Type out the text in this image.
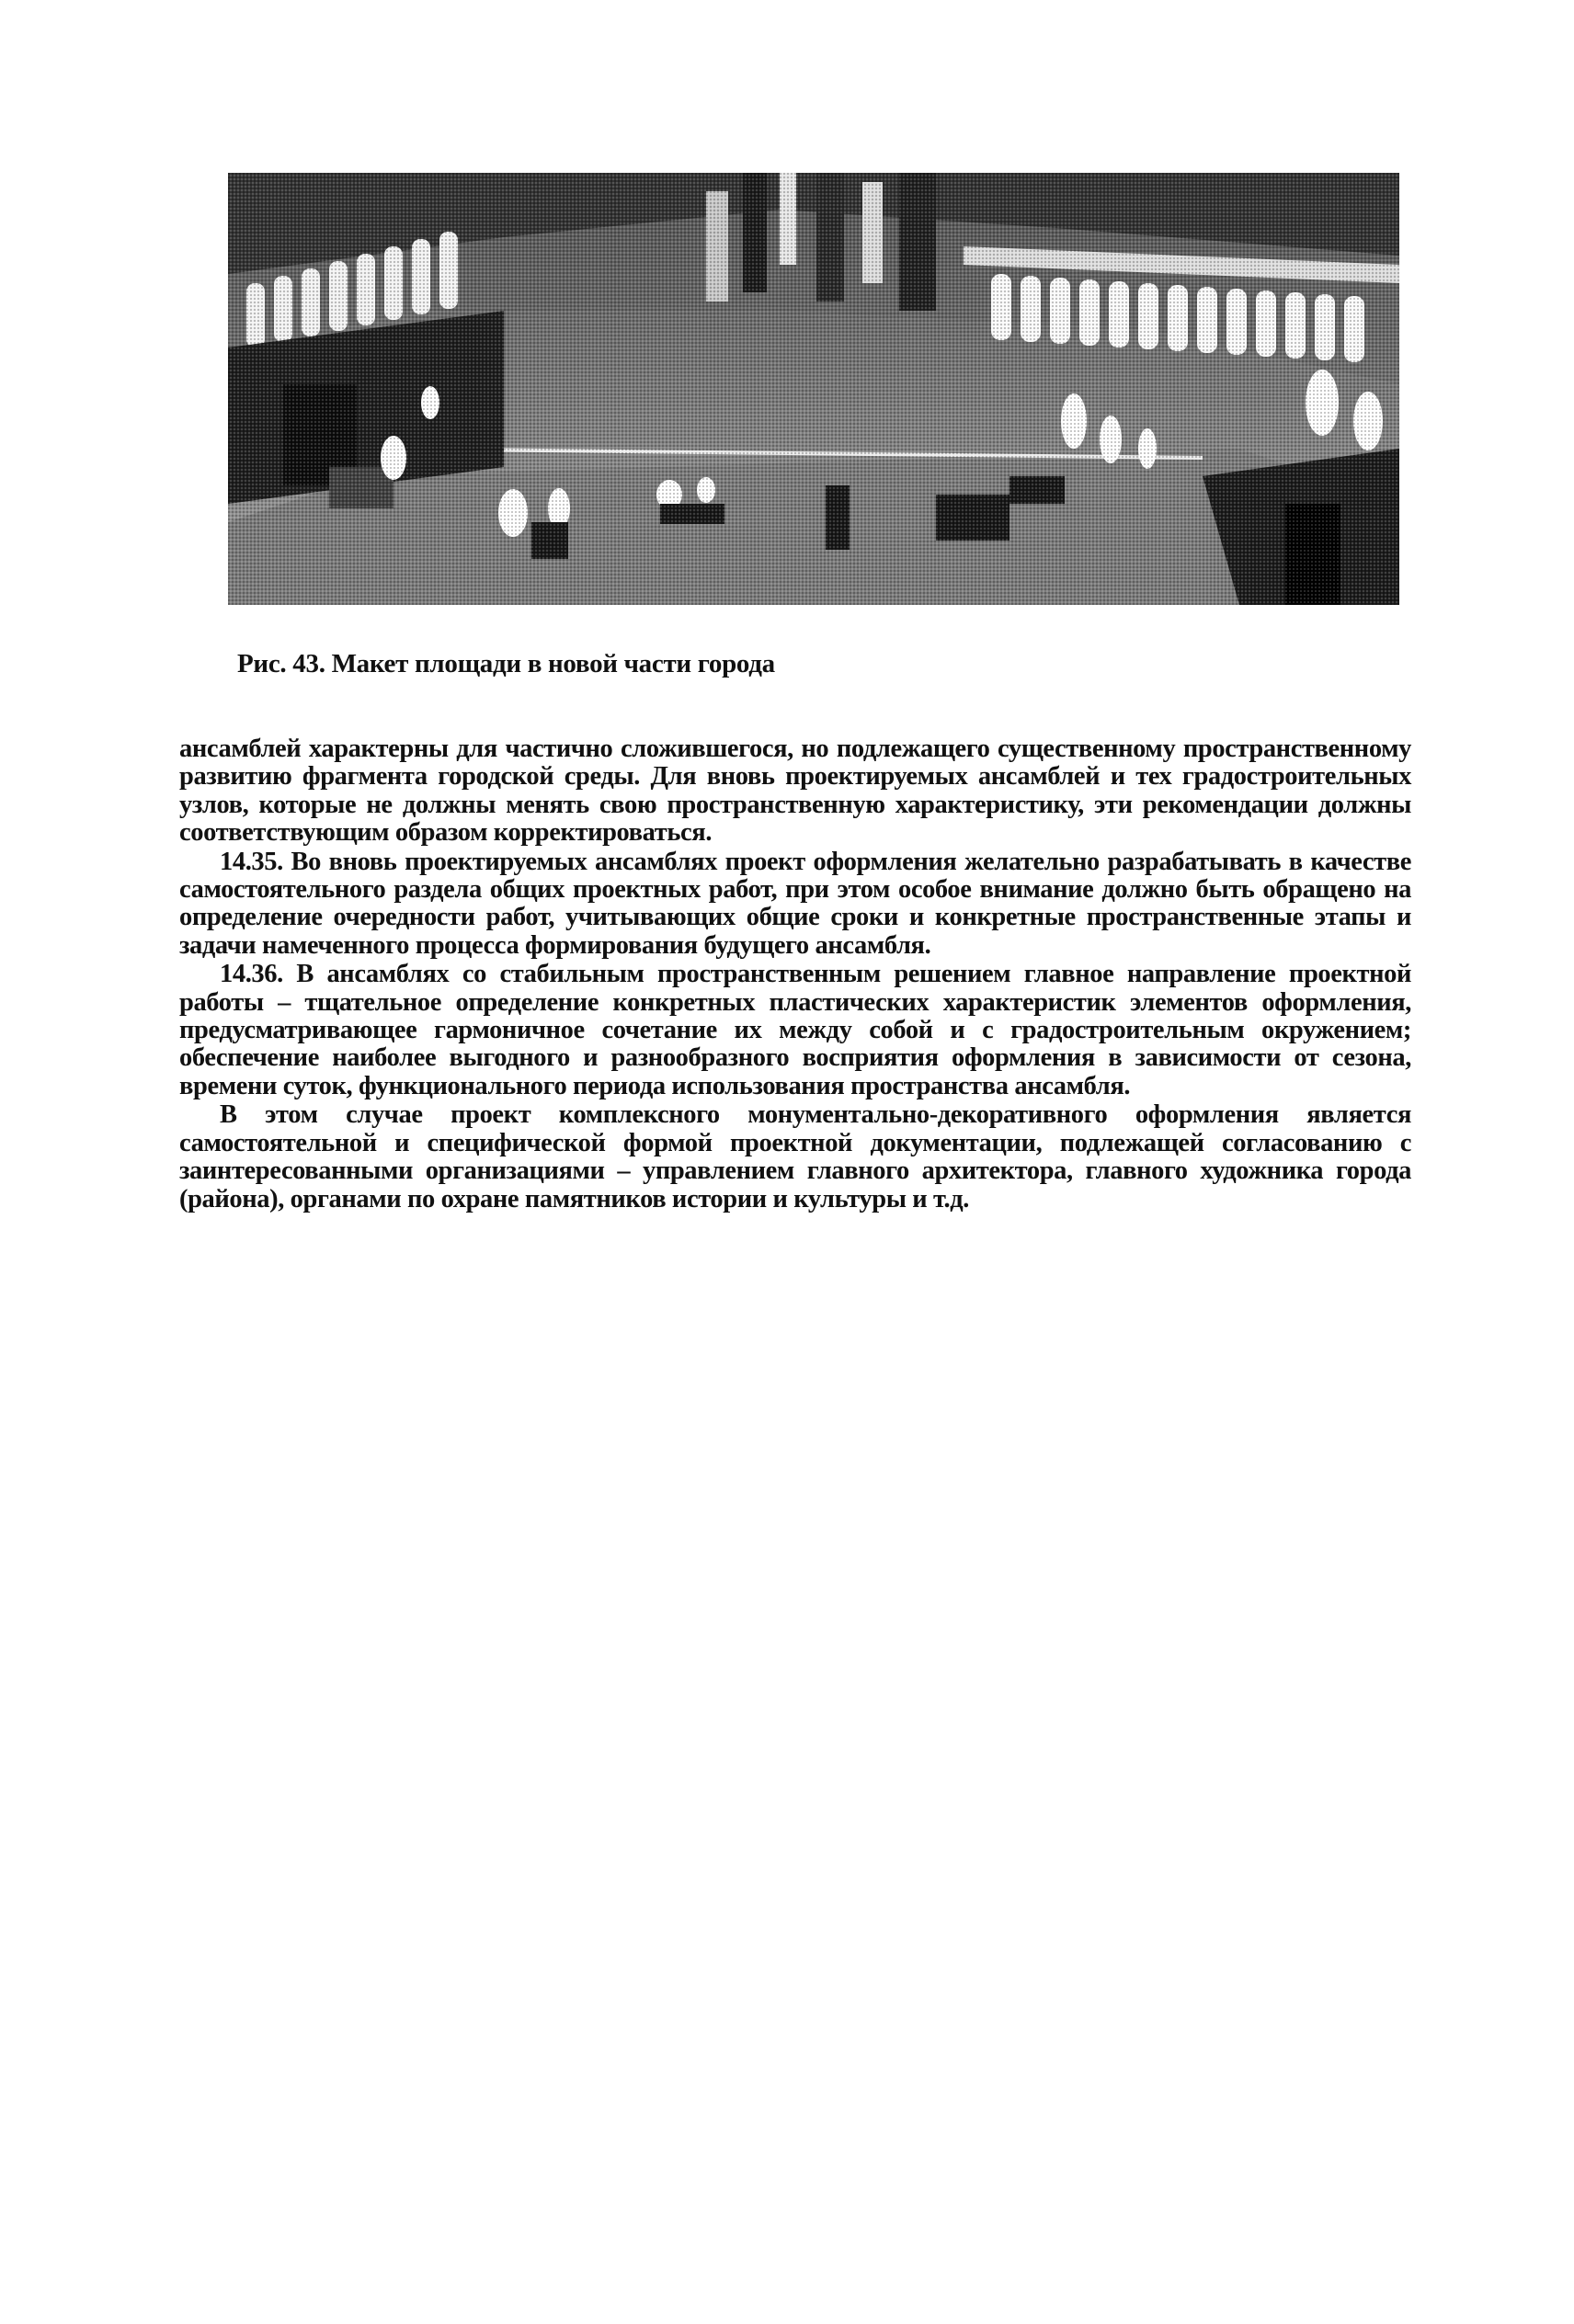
Рис. 43. Макет площади в новой части города

ансамблей характерны для частично сложившегося, но подлежащего существенному пространственному развитию фрагмента городской среды. Для вновь проектируемых ансамблей и тех градостроительных узлов, которые не должны менять свою пространственную характеристику, эти рекомендации должны соответствующим образом корректироваться.

14.35. Во вновь проектируемых ансамблях проект оформления желательно разрабатывать в качестве самостоятельного раздела общих проектных работ, при этом особое внимание должно быть обращено на определение очередности работ, учитывающих общие сроки и конкретные пространственные этапы и задачи намеченного процесса формирования будущего ансамбля.

14.36. В ансамблях со стабильным пространственным решением главное направление проектной работы – тщательное определение конкретных пластических характеристик элементов оформления, предусматривающее гармоничное сочетание их между собой и с градостроительным окружением; обеспечение наиболее выгодного и разнообразного восприятия оформления в зависимости от сезона, времени суток, функционального периода использования пространства ансамбля.

В этом случае проект комплексного монументально-декоративного оформления является самостоятельной и специфической формой проектной документации, подлежащей согласованию с заинтересованными организациями – управлением главного архитектора, главного художника города (района), органами по охране памятников истории и культуры и т.д.
